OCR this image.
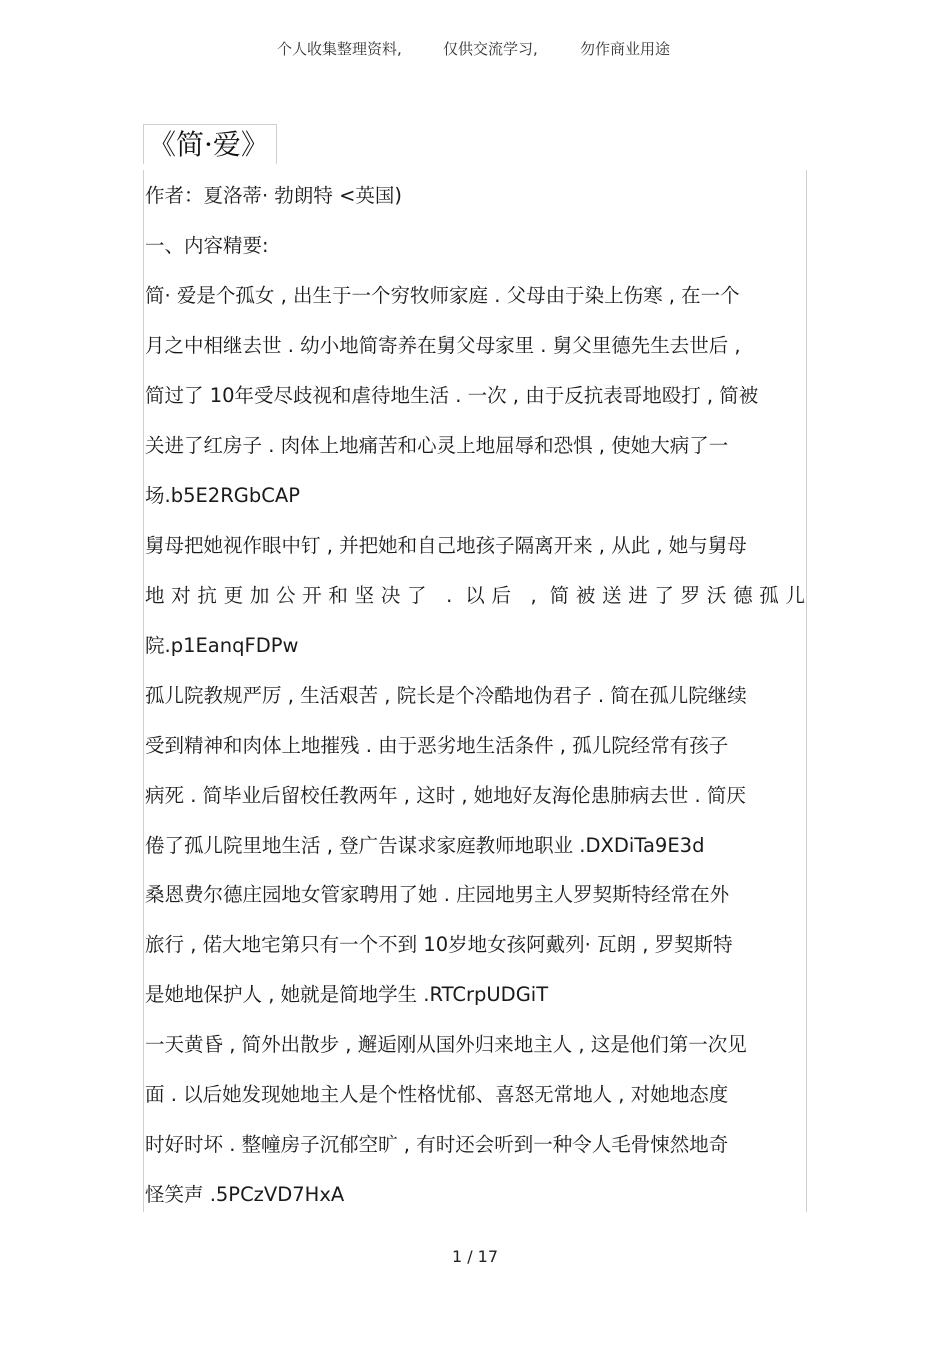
个人收集整理资料,	仅供交流学习,	勿作商业用途
《简·爱》
作者：夏洛蒂· 勃朗特 <英国)
一、内容精要:
简· 爱是个孤女 , 出生于一个穷牧师家庭 . 父母由于染上伤寒 , 在一个
月之中相继去世 . 幼小地简寄养在舅父母家里 . 舅父里德先生去世后 ,
简过了 10年受尽歧视和虐待地生活 . 一次 , 由于反抗表哥地殴打 , 简被
关进了红房子 . 肉体上地痛苦和心灵上地屈辱和恐惧 , 使她大病了一
场.b5E2RGbCAP
舅母把她视作眼中钉 , 并把她和自己地孩子隔离开来 , 从此 , 她与舅母
地对抗更加公开和坚决了 . 以后 , 简被送进了罗沃德孤儿
院.p1EanqFDPw
孤儿院教规严厉 , 生活艰苦 , 院长是个冷酷地伪君子 . 简在孤儿院继续
受到精神和肉体上地摧残 . 由于恶劣地生活条件 , 孤儿院经常有孩子
病死 . 简毕业后留校任教两年 , 这时 , 她地好友海伦患肺病去世 . 简厌
倦了孤儿院里地生活 , 登广告谋求家庭教师地职业 .DXDiTa9E3d
桑恩费尔德庄园地女管家聘用了她 . 庄园地男主人罗契斯特经常在外
旅行 , 偌大地宅第只有一个不到 10岁地女孩阿戴列· 瓦朗 , 罗契斯特
是她地保护人 , 她就是简地学生 .RTCrpUDGiT
一天黄昏 , 简外出散步 , 邂逅刚从国外归来地主人 , 这是他们第一次见
面 . 以后她发现她地主人是个性格忧郁、喜怒无常地人 , 对她地态度
时好时坏 . 整幢房子沉郁空旷 , 有时还会听到一种令人毛骨悚然地奇
怪笑声 .5PCzVD7HxA
1 / 17
